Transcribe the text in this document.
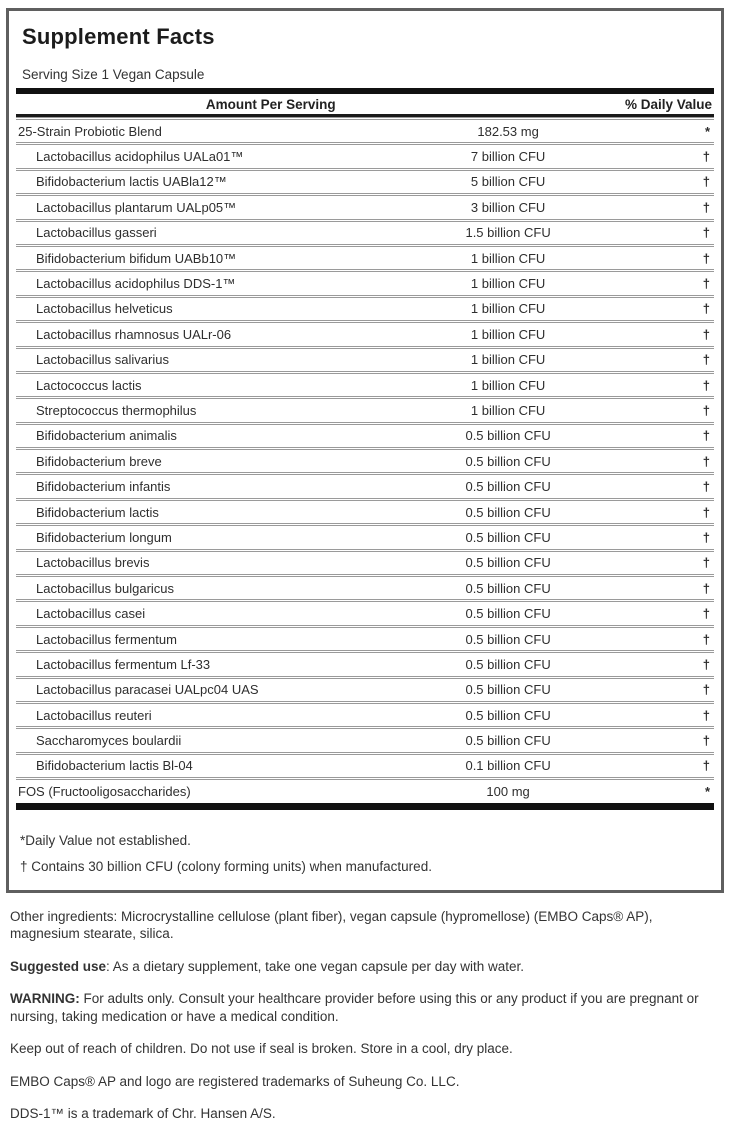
Supplement Facts
Serving Size 1 Vegan Capsule
Amount Per Serving	% Daily Value
25-Strain Probiotic Blend	182.53 mg	*
Lactobacillus acidophilus UALa01™	7 billion CFU	†
Bifidobacterium lactis UABla12™	5 billion CFU	†
Lactobacillus plantarum UALp05™	3 billion CFU	†
Lactobacillus gasseri	1.5 billion CFU	†
Bifidobacterium bifidum UABb10™	1 billion CFU	†
Lactobacillus acidophilus DDS-1™	1 billion CFU	†
Lactobacillus helveticus	1 billion CFU	†
Lactobacillus rhamnosus UALr-06	1 billion CFU	†
Lactobacillus salivarius	1 billion CFU	†
Lactococcus lactis	1 billion CFU	†
Streptococcus thermophilus	1 billion CFU	†
Bifidobacterium animalis	0.5 billion CFU	†
Bifidobacterium breve	0.5 billion CFU	†
Bifidobacterium infantis	0.5 billion CFU	†
Bifidobacterium lactis	0.5 billion CFU	†
Bifidobacterium longum	0.5 billion CFU	†
Lactobacillus brevis	0.5 billion CFU	†
Lactobacillus bulgaricus	0.5 billion CFU	†
Lactobacillus casei	0.5 billion CFU	†
Lactobacillus fermentum	0.5 billion CFU	†
Lactobacillus fermentum Lf-33	0.5 billion CFU	†
Lactobacillus paracasei UALpc04 UAS	0.5 billion CFU	†
Lactobacillus reuteri	0.5 billion CFU	†
Saccharomyces boulardii	0.5 billion CFU	†
Bifidobacterium lactis Bl-04	0.1 billion CFU	†
FOS (Fructooligosaccharides)	100 mg	*
*Daily Value not established.
† Contains 30 billion CFU (colony forming units) when manufactured.

Other ingredients: Microcrystalline cellulose (plant fiber), vegan capsule (hypromellose) (EMBO Caps® AP), magnesium stearate, silica.

Suggested use: As a dietary supplement, take one vegan capsule per day with water.

WARNING: For adults only. Consult your healthcare provider before using this or any product if you are pregnant or nursing, taking medication or have a medical condition.

Keep out of reach of children. Do not use if seal is broken. Store in a cool, dry place.

EMBO Caps® AP and logo are registered trademarks of Suheung Co. LLC.

DDS-1™ is a trademark of Chr. Hansen A/S.
